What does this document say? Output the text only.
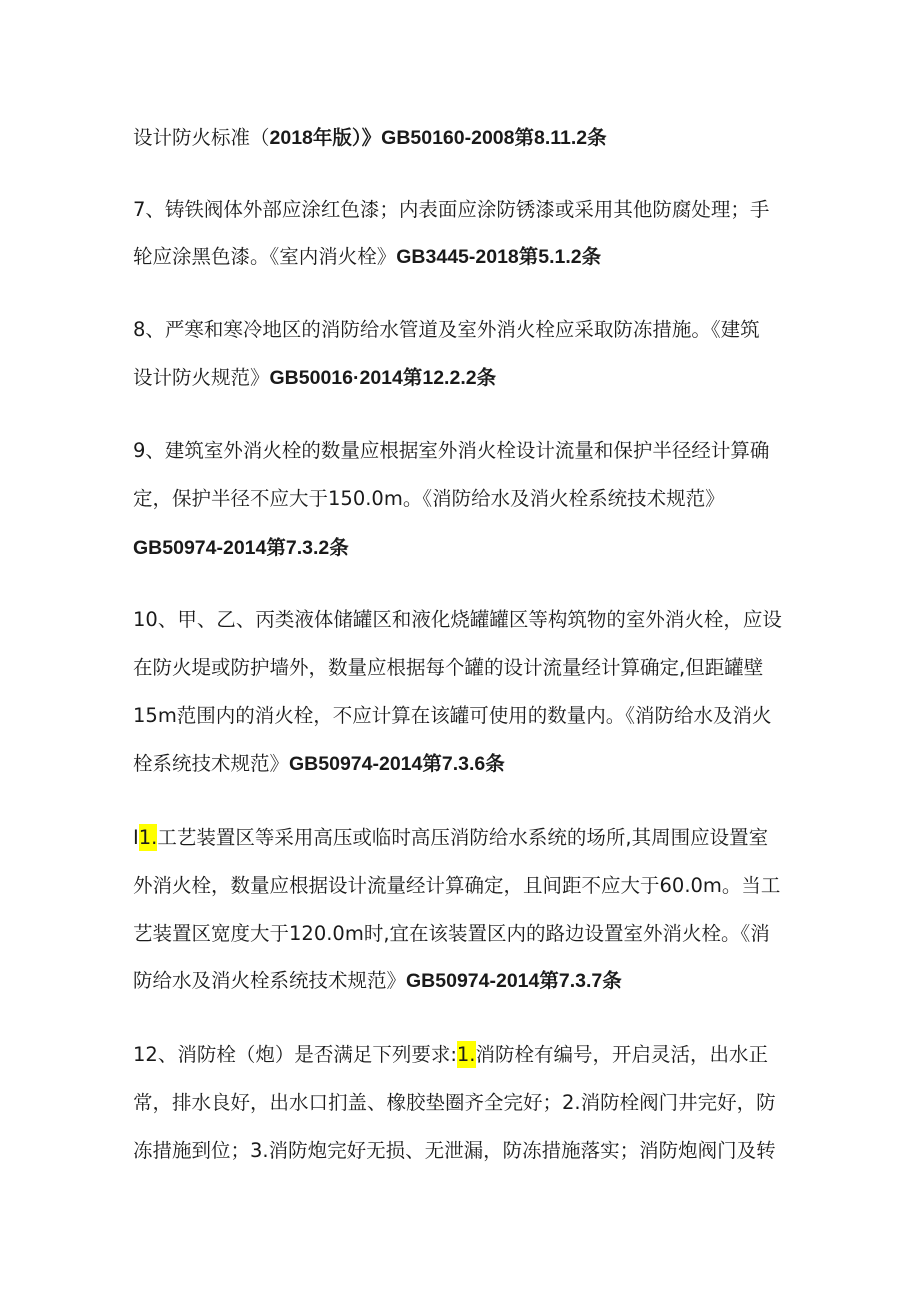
设计防火标准（2018年版）》GB50160-2008第8.11.2条
7、铸铁阀体外部应涂红色漆；内表面应涂防锈漆或采用其他防腐处理；手
轮应涂黑色漆。《室内消火栓》GB3445-2018第5.1.2条
8、严寒和寒冷地区的消防给水管道及室外消火栓应采取防冻措施。《建筑
设计防火规范》GB50016·2014第12.2.2条
9、建筑室外消火栓的数量应根据室外消火栓设计流量和保护半径经计算确
定，保护半径不应大于150.0m。《消防给水及消火栓系统技术规范》
GB50974-2014第7.3.2条
10、甲、乙、丙类液体储罐区和液化烧罐罐区等构筑物的室外消火栓，应设
在防火堤或防护墙外，数量应根据每个罐的设计流量经计算确定,但距罐壁
15m范围内的消火栓，不应计算在该罐可使用的数量内。《消防给水及消火
栓系统技术规范》GB50974-2014第7.3.6条
I1.工艺装置区等采用高压或临时高压消防给水系统的场所,其周围应设置室
外消火栓，数量应根据设计流量经计算确定，且间距不应大于60.0m。当工
艺装置区宽度大于120.0m时,宜在该装置区内的路边设置室外消火栓。《消
防给水及消火栓系统技术规范》GB50974-2014第7.3.7条
12、消防栓（炮）是否满足下列要求:1.消防栓有编号，开启灵活，出水正
常，排水良好，出水口扪盖、橡胶垫圈齐全完好；2.消防栓阀门井完好，防
冻措施到位；3.消防炮完好无损、无泄漏，防冻措施落实；消防炮阀门及转
